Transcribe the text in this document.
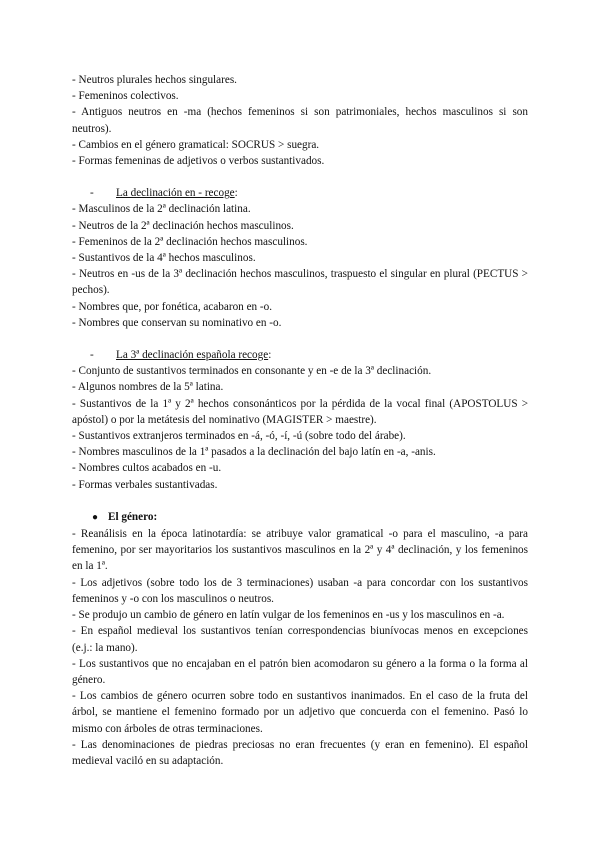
- Neutros plurales hechos singulares.
- Femeninos colectivos.
- Antiguos neutros en -ma (hechos femeninos si son patrimoniales, hechos masculinos si son neutros).
- Cambios en el género gramatical: SOCRUS > suegra.
- Formas femeninas de adjetivos o verbos sustantivados.
- La declinación en - recoge:
- Masculinos de la 2ª declinación latina.
- Neutros de la 2ª declinación hechos masculinos.
- Femeninos de la 2ª declinación hechos masculinos.
- Sustantivos de la 4ª hechos masculinos.
- Neutros en -us de la 3ª declinación hechos masculinos, traspuesto el singular en plural (PECTUS > pechos).
- Nombres que, por fonética, acabaron en -o.
- Nombres que conservan su nominativo en -o.
- La 3ª declinación española recoge:
- Conjunto de sustantivos terminados en consonante y en -e de la 3ª declinación.
- Algunos nombres de la 5ª latina.
- Sustantivos de la 1ª y 2ª hechos consonánticos por la pérdida de la vocal final (APOSTOLUS > apóstol) o por la metátesis del nominativo (MAGISTER > maestre).
- Sustantivos extranjeros terminados en -á, -ó, -í, -ú (sobre todo del árabe).
- Nombres masculinos de la 1ª pasados a la declinación del bajo latín en -a, -anis.
- Nombres cultos acabados en -u.
- Formas verbales sustantivadas.
● El género:
- Reanálisis en la época latinotardía: se atribuye valor gramatical -o para el masculino, -a para femenino, por ser mayoritarios los sustantivos masculinos en la 2ª y 4ª declinación, y los femeninos en la 1ª.
- Los adjetivos (sobre todo los de 3 terminaciones) usaban -a para concordar con los sustantivos femeninos y -o con los masculinos o neutros.
- Se produjo un cambio de género en latín vulgar de los femeninos en -us y los masculinos en -a.
- En español medieval los sustantivos tenían correspondencias biunívocas menos en excepciones (e.j.: la mano).
- Los sustantivos que no encajaban en el patrón bien acomodaron su género a la forma o la forma al género.
- Los cambios de género ocurren sobre todo en sustantivos inanimados. En el caso de la fruta del árbol, se mantiene el femenino formado por un adjetivo que concuerda con el femenino. Pasó lo mismo con árboles de otras terminaciones.
- Las denominaciones de piedras preciosas no eran frecuentes (y eran en femenino). El español medieval vaciló en su adaptación.
